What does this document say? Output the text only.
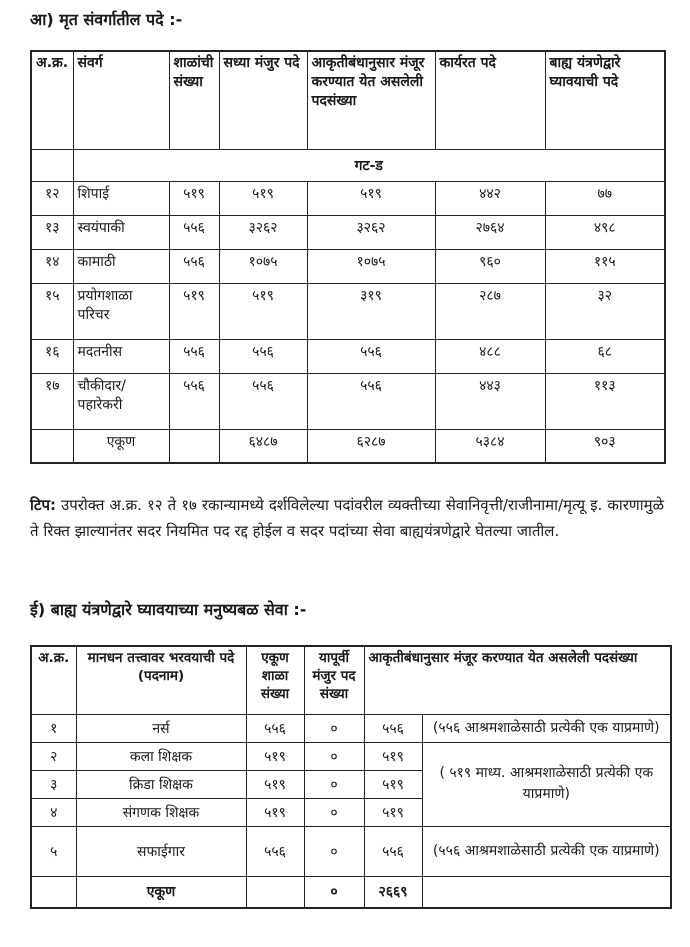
आ) मृत संवर्गातील पदे :-
अ.क्र.	संवर्ग	शाळांची संख्या	सध्या मंजुर पदे	आकृतीबंधानुसार मंजूर करण्यात येत असलेली पदसंख्या	कार्यरत पदे	बाह्य यंत्रणेद्वारे घ्यावयाची पदे
	गट-ड					
१२	शिपाई	५१९	५१९	५१९	४४२	७७
१३	स्वयंपाकी	५५६	३२६२	३२६२	२७६४	४९८
१४	कामाठी	५५६	१०७५	१०७५	९६०	११५
१५	प्रयोगशाळा परिचर	५१९	५१९	३१९	२८७	३२
१६	मदतनीस	५५६	५५६	५५६	४८८	६८
१७	चौकीदार/ पहारेकरी	५५६	५५६	५५६	४४३	११३
	एकूण		६४८७	६२८७	५३८४	९०३
टिप: उपरोक्त अ.क्र. १२ ते १७ रकान्यामध्ये दर्शविलेल्या पदांवरील व्यक्तीच्या सेवानिवृत्ती/राजीनामा/मृत्यू इ. कारणामुळे ते रिक्त झाल्यानंतर सदर नियमित पद रद्द होईल व सदर पदांच्या सेवा बाह्ययंत्रणेद्वारे घेतल्या जातील.
ई) बाह्य यंत्रणेद्वारे घ्यावयाच्या मनुष्यबळ सेवा :-
अ.क्र.	मानधन तत्त्वावर भरवयाची पदे (पदनाम)	एकूण शाळा संख्या	यापूर्वी मंजुर पद संख्या	आकृतीबंधानुसार मंजूर करण्यात येत असलेली पदसंख्या	
१	नर्स	५५६	०	५५६	(५५६ आश्रमशाळेसाठी प्रत्येकी एक याप्रमाणे)
२	कला शिक्षक	५१९	०	५१९	( ५१९ माध्य. आश्रमशाळेसाठी प्रत्येकी एक याप्रमाणे)
३	क्रिडा शिक्षक	५१९	०	५१९	
४	संगणक शिक्षक	५१९	०	५१९	
५	सफाईगार	५५६	०	५५६	(५५६ आश्रमशाळेसाठी प्रत्येकी एक याप्रमाणे)
	एकूण		०	२६६९	
